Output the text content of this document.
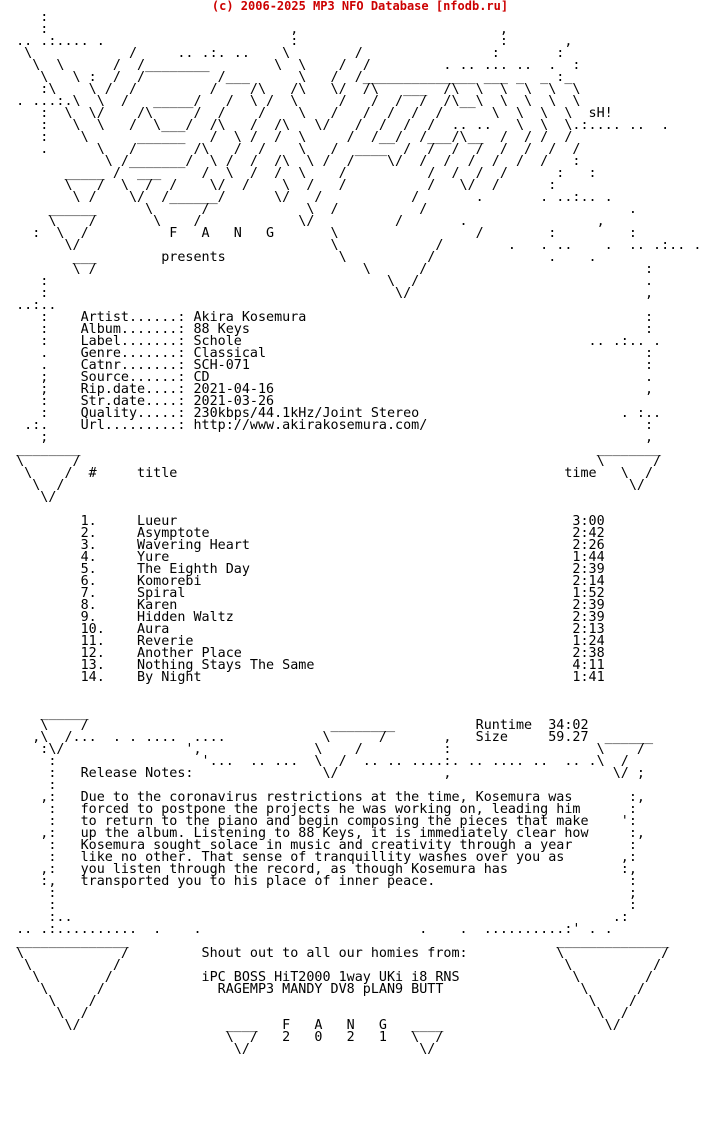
(c) 2006-2025 MP3 NFO Database [nfodb.ru]
:
:                              ,                         ,
.. .:.... .                       :                         :       ,
\            /     .. .:. ..    \        /                :       :
\  \      /  /________        \  \    /  /         . .. ... ..  .  :
\   \ :  /  /         /___      \   /  /______________ ___ _  _ :_
:\    \ /  /         /    /\   /\   \/  /\   ___  /\  \  \  \  \  \
. ...:.\  \  /   _____/   /  \ /  \     /   /  /  /  /\__\  \  \  \  \
:  \  \/    /\     /  /    /    \   /   /  /  /  /      \  \  \  \  sH!
:   \  \   /  \___/  /\   /  /\   \/   /  /  /  /  .. ..   \  \  \.:.... ..  .
:    \      ______   /  \ /  /  \     /  /__/  /___/\__  /  / /  /
.      \   /       /\   /  /    \   /  ____  /  /  /  /  /  /  /  /
\ /_______/  \ /  /  /\  \ /  /    \/  /  /  /  /  /  /   :
_____ /  ___     /  \  /  /  \    /          /  /  /  /      :   :
\   /  \  /  /    \/  /    \  /   /          /   \/  /      :
\ /    \/  /______/      \/   /           /       .       . ..:.. .
______      \      /            \  /          /                         .
\    /       \    /            \/          /       .                ,
:  \  /          F   A   N   G       \                 /        :         :
\/                               \            /        .   . ..    .  .. .:.. .
___        presents              \          /              .    .
\ /                                 \      /                           :
:                                          \  /                            .
:                                           \/                             ,
..:..
:    Artist......: Akira Kosemura                                          :
:    Album.......: 88 Keys                                                 :
:    Label.......: Schole                                           .. .:.. .
.    Genre.......: Classical                                               :
.    Catnr.......: SCH-071                                                 :
;    Source......: CD                                                      .
;    Rip.date....: 2021-04-16                                              ,
:    Str.date....: 2021-03-26
:    Quality.....: 230kbps/44.1kHz/Joint Stereo                         . :..
.:.    Url.........: http://www.akirakosemura.com/                           :
;                                                                          ,
________                                                                ________
\      /                                                                \      /
\    /  #     title                                                time   \  /
\  /                                                                      \/
\/

1.     Lueur                                                 3:00
2.     Asymptote                                             2:42
3.     Wavering Heart                                        2:26
4.     Yure                                                  1:44
5.     The Eighth Day                                        2:39
6.     Komorebi                                              2:14
7.     Spiral                                                1:52
8.     Karen                                                 2:39
9.     Hidden Waltz                                          2:39
10.    Aura                                                  2:13
11.    Reverie                                               1:24
12.    Another Place                                         2:38
13.    Nothing Stays The Same                                4:11
14.    By Night                                              1:41

______
\    /                              ________          Runtime  34:02
,\  /...  . . ....  ....            \      /       ,   Size     59.27  ______
:\/               ',              \    /          :                  \    /
:                  '...  .. ...  \  /  .. .. ....:. .. .... ..  .. .\  /
:   Release Notes:                \/             ,                    \/ ;
:
,:   Due to the coronavirus restrictions at the time, Kosemura was       :,
:   forced to postpone the projects he was working on, leading him      :
:   to return to the piano and begin composing the pieces that make    ':
,:   up the album. Listening to 88 Keys, it is immediately clear how     :,
:   Kosemura sought solace in music and creativity through a year       :
:   like no other. That sense of tranquillity washes over you as       ,:
,:   you listen through the record, as though Kosemura has              :,
:,   transported you to his place of inner peace.                        :
:                                                                       ;
:                                                                       :
:..                                                                   .:
.. .:..........  .    .                           .    .  ..........:' . .
______________                                                     ______________
\            /         Shout out to all our homies from:           \            /
\          /                                                       \          /
\        /           iPC BOSS HiT2000 1way UKi i8 RNS              \        /
\      /              RAGEMP3 MANDY DV8 pLAN9 BUTT                 \      /
\    /                                                             \    /
\  /                                                               \  /
\/                  ____   F   A   N   G   ____                    \/
\  /   2   0   2   1   \  /
\/                     \/
